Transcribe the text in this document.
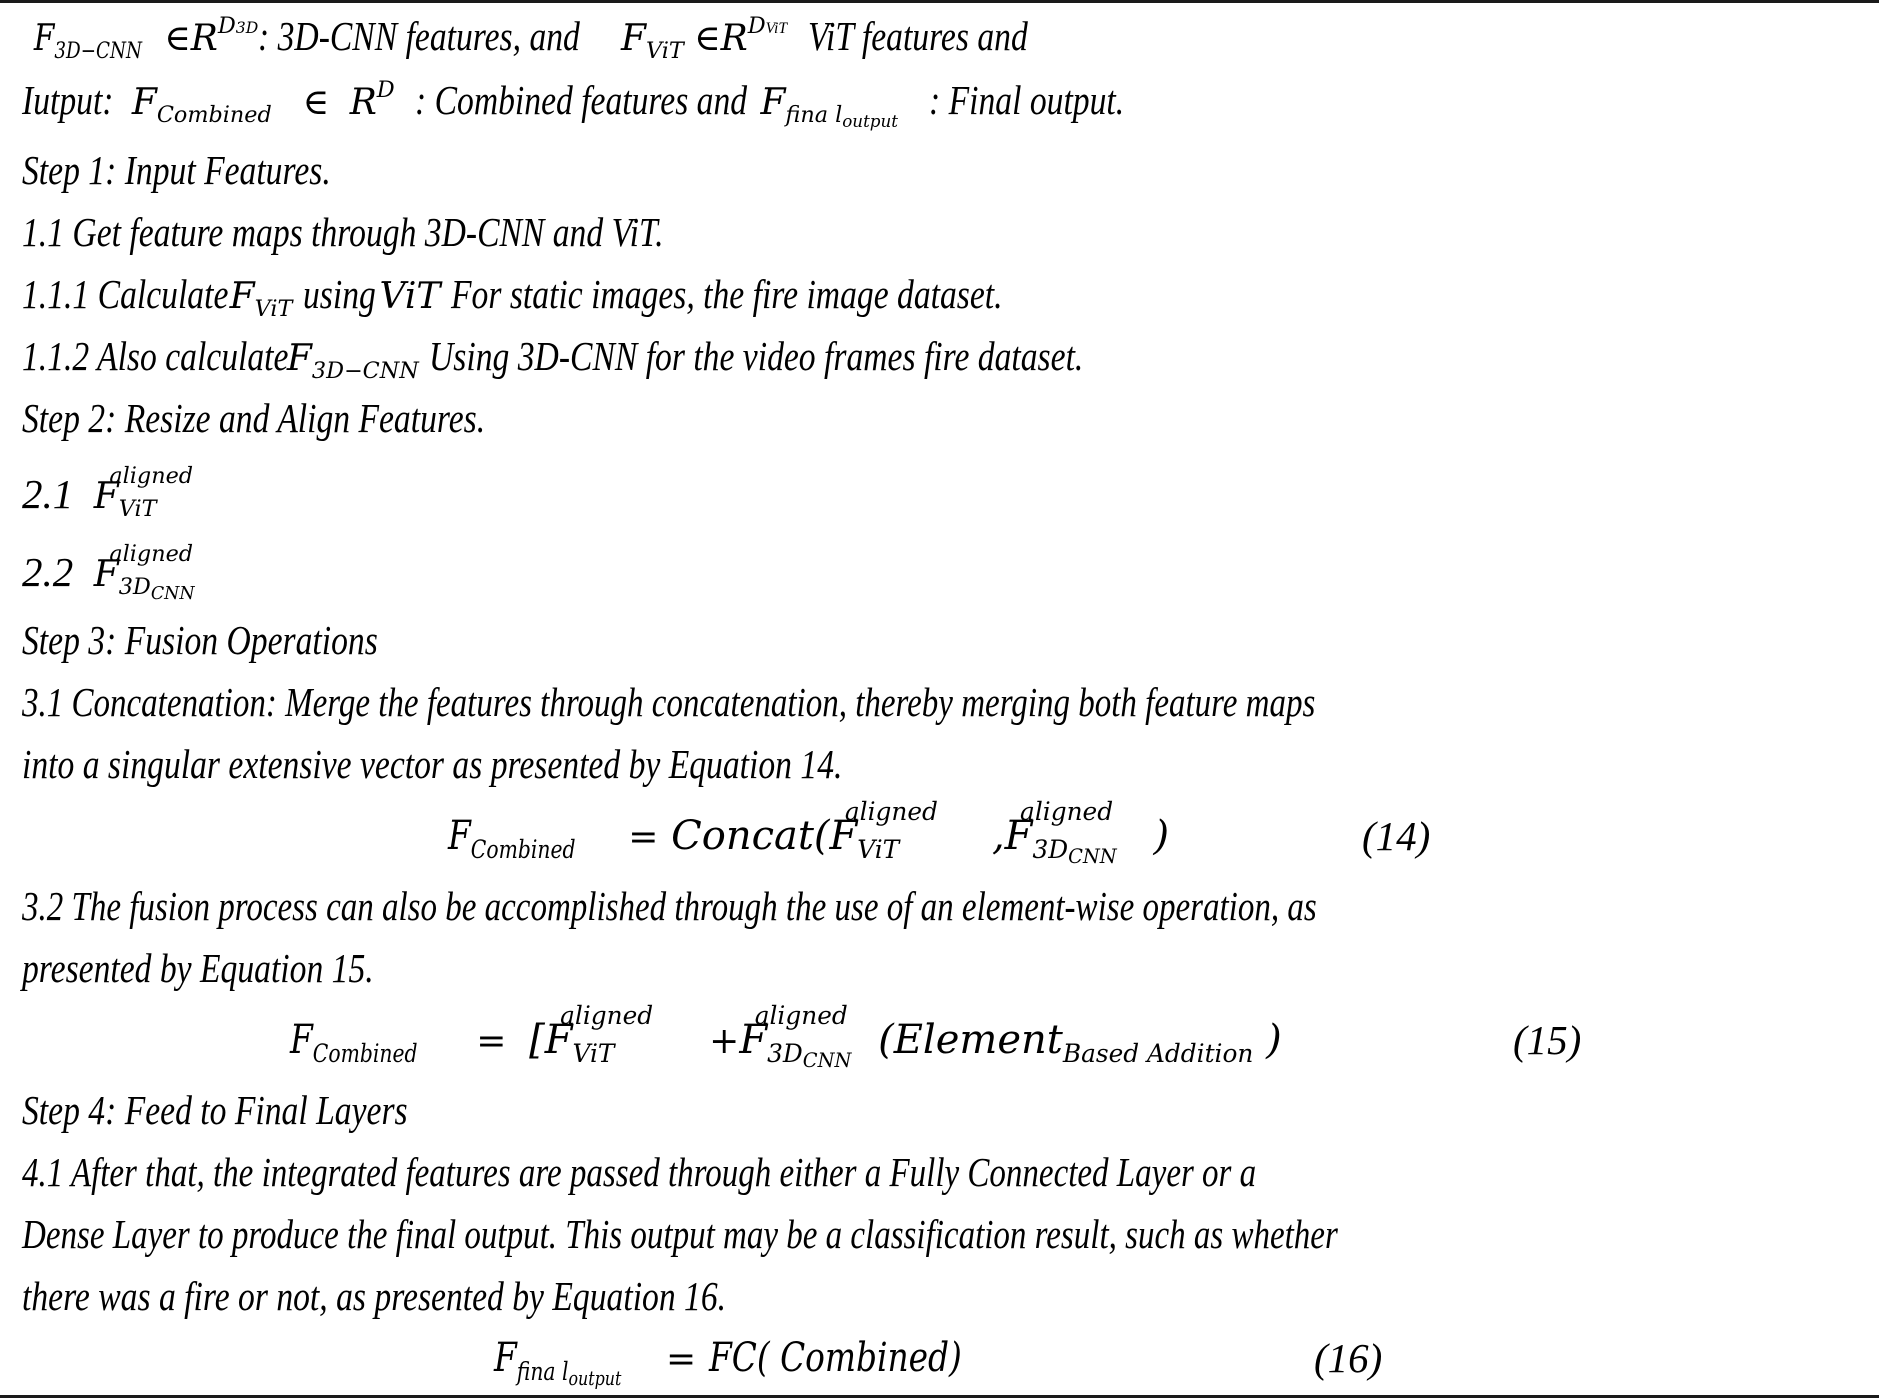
$F_{3D-CNN}$ $\in R^{D3D}$: 3D-CNN features, and $F_{ViT}$ $\in R^{DViT}$ ViT features and
Iutput: $F_{Combined}$ ∈ $R^D$ : Combined features and $F_{fina l_{output}}$ : Final output.
Step 1: Input Features.
1.1 Get feature maps through 3D-CNN and ViT.
1.1.1 CalculateF$_{ViT}$ using ViT For static images, the fire image dataset.
1.1.2 Also calculateF$_{3D-CNN}$ Using 3D-CNN for the video frames fire dataset.
Step 2: Resize and Align Features.
2.1 F
aligned
$_{ViT}$
2.2 F
aligned
$_{3D_{CNN}}$
Step 3: Fusion Operations
3.1 Concatenation: Merge the features through concatenation, thereby merging both feature maps
into a singular extensive vector as presented by Equation 14.
$F_{Combined}$ = Concat(F
aligned
$_{ViT}$ ,F
aligned
$_{3D_{CNN}}$ )	(14)
3.2 The fusion process can also be accomplished through the use of an element-wise operation, as
presented by Equation 15.
$F_{Combined} = [F$
aligned
$_{ViT}$	+F
aligned
$_{3D_{CNN}}$ (Element$_{Based Addition}$ )	(15)
Step 4: Feed to Final Layers
4.1 After that, the integrated features are passed through either a Fully Connected Layer or a
Dense Layer to produce the final output. This output may be a classification result, such as whether
there was a fire or not, as presented by Equation 16.
$F_{fina l_{output}} = FC$( Combined)	(16)
